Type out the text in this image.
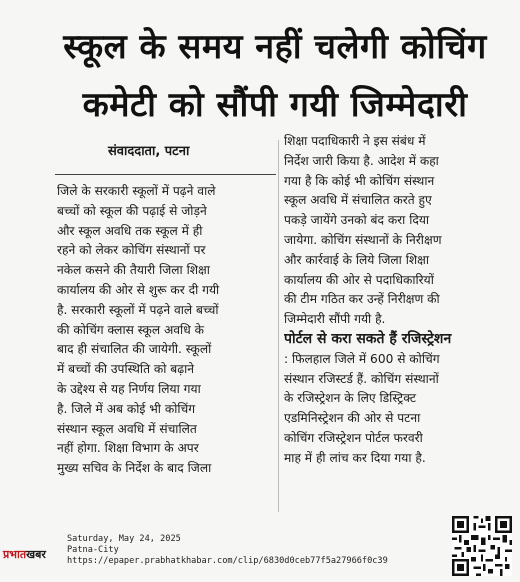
स्कूल के समय नहीं चलेगी कोचिंग
कमेटी को सौंपी गयी जिम्मेदारी
संवाददाता, पटना
जिले के सरकारी स्कूलों में पढ़ने वाले
बच्चों को स्कूल की पढ़ाई से जोड़ने
और स्कूल अवधि तक स्कूल में ही
रहने को लेकर कोचिंग संस्थानों पर
नकेल कसने की तैयारी जिला शिक्षा
कार्यालय की ओर से शुरू कर दी गयी
है. सरकारी स्कूलों में पढ़ने वाले बच्चों
की कोचिंग क्लास स्कूल अवधि के
बाद ही संचालित की जायेगी. स्कूलों
में बच्चों की उपस्थिति को बढ़ाने
के उद्देश्य से यह निर्णय लिया गया
है. जिले में अब कोई भी कोचिंग
संस्थान स्कूल अवधि में संचालित
नहीं होगा. शिक्षा विभाग के अपर
मुख्य सचिव के निर्देश के बाद जिला
शिक्षा पदाधिकारी ने इस संबंध में
निर्देश जारी किया है. आदेश में कहा
गया है कि कोई भी कोचिंग संस्थान
स्कूल अवधि में संचालित करते हुए
पकड़े जायेंगे उनको बंद करा दिया
जायेगा. कोचिंग संस्थानों के निरीक्षण
और कार्रवाई के लिये जिला शिक्षा
कार्यालय की ओर से पदाधिकारियों
की टीम गठित कर उन्हें निरीक्षण की
जिम्मेदारी सौंपी गयी है.
पोर्टल से करा सकते हैं रजिस्ट्रेशन
: फिलहाल जिले में 600 से कोचिंग
संस्थान रजिस्टर्ड हैं. कोचिंग संस्थानों
के रजिस्ट्रेशन के लिए डिस्ट्रिक्ट
एडमिनिस्ट्रेशन की ओर से पटना
कोचिंग रजिस्ट्रेशन पोर्टल फरवरी
माह में ही लांच कर दिया गया है.
प्रभातखबर
Saturday, May 24, 2025
Patna-City
https://epaper.prabhatkhabar.com/clip/6830d0ceb77f5a27966f0c39
